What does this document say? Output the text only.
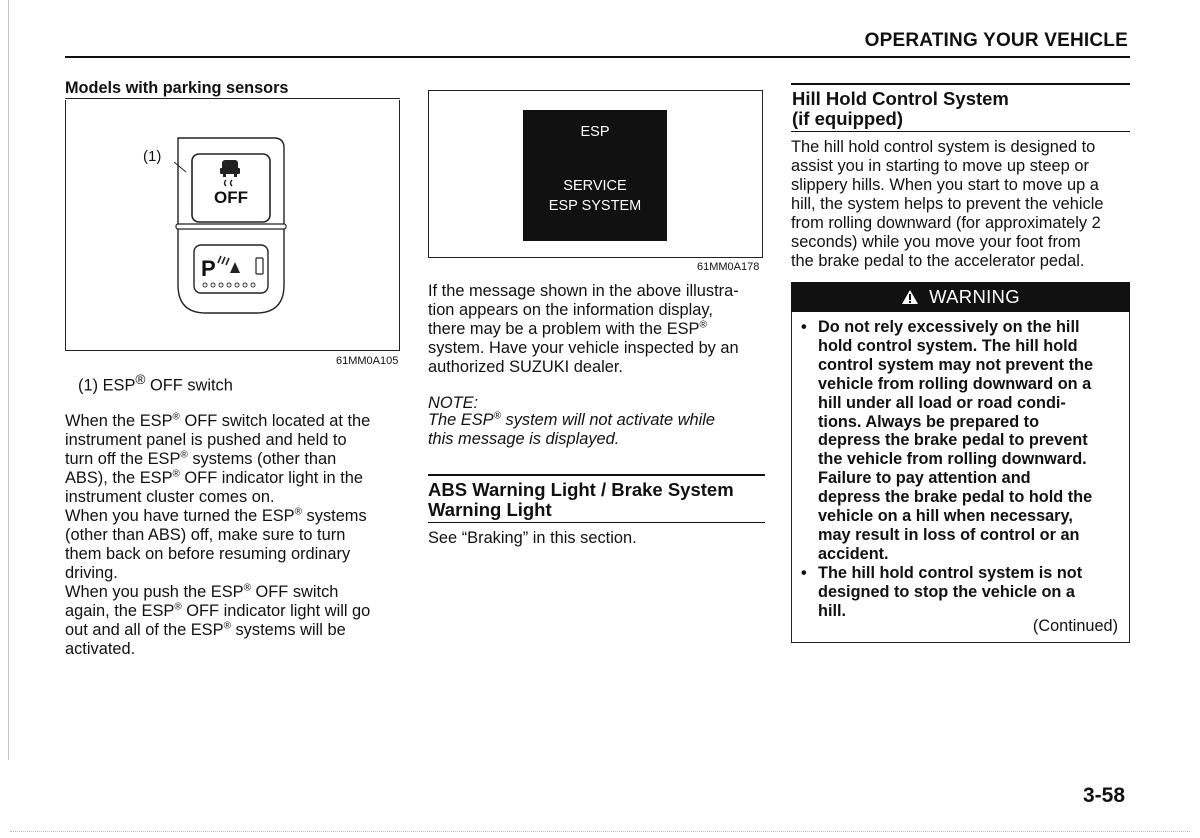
OPERATING YOUR VEHICLE
Models with parking sensors
OFF
P
(1)
61MM0A105
(1) ESP® OFF switch

When the ESP® OFF switch located at the

instrument panel is pushed and held to

turn off the ESP® systems (other than

ABS), the ESP® OFF indicator light in the

instrument cluster comes on.

When you have turned the ESP® systems

(other than ABS) off, make sure to turn

them back on before resuming ordinary

driving.

When you push the ESP® OFF switch

again, the ESP® OFF indicator light will go

out and all of the ESP® systems will be

activated.

ESP
SERVICE
ESP SYSTEM
61MM0A178

If the message shown in the above illustra-

tion appears on the information display,

there may be a problem with the ESP®

system. Have your vehicle inspected by an

authorized SUZUKI dealer.

NOTE:

The ESP® system will not activate while

this message is displayed.

ABS Warning Light / Brake System
Warning Light
See “Braking” in this section.
Hill Hold Control System
(if equipped)

The hill hold control system is designed to

assist you in starting to move up steep or

slippery hills. When you start to move up a

hill, the system helps to prevent the vehicle

from rolling downward (for approximately 2

seconds) while you move your foot from

the brake pedal to the accelerator pedal.

WARNING
• Do not rely excessively on the hill

hold control system. The hill hold

control system may not prevent the

vehicle from rolling downward on a

hill under all load or road condi-

tions. Always be prepared to

depress the brake pedal to prevent

the vehicle from rolling downward.

Failure to pay attention and

depress the brake pedal to hold the

vehicle on a hill when necessary,

may result in loss of control or an

accident.

• The hill hold control system is not

designed to stop the vehicle on a

hill.

(Continued)
3-58
